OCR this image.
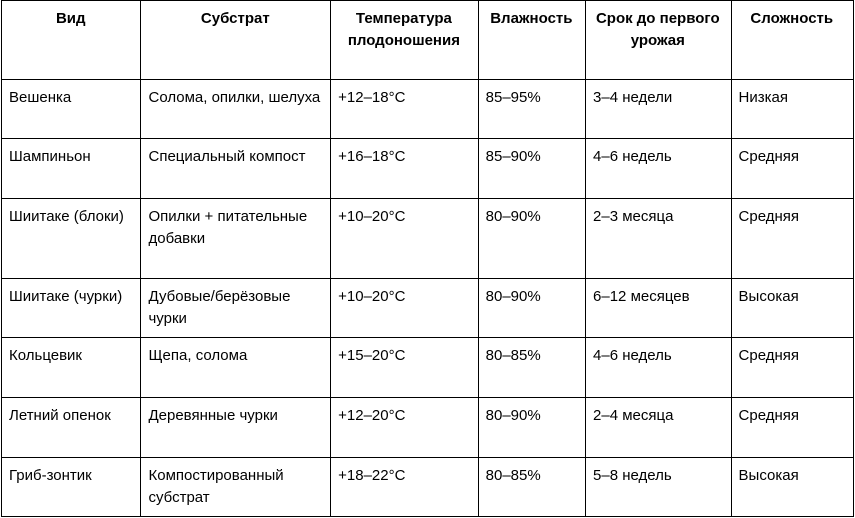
Вид	Субстрат	Температура плодоношения	Влажность	Срок до первого урожая	Сложность
Вешенка	Солома, опилки, шелуха	+12–18°C	85–95%	3–4 недели	Низкая
Шампиньон	Специальный компост	+16–18°C	85–90%	4–6 недель	Средняя
Шиитаке (блоки)	Опилки + питательные добавки	+10–20°C	80–90%	2–3 месяца	Средняя
Шиитаке (чурки)	Дубовые/берёзовые чурки	+10–20°C	80–90%	6–12 месяцев	Высокая
Кольцевик	Щепа, солома	+15–20°C	80–85%	4–6 недель	Средняя
Летний опенок	Деревянные чурки	+12–20°C	80–90%	2–4 месяца	Средняя
Гриб-зонтик	Компостированный субстрат	+18–22°C	80–85%	5–8 недель	Высокая
